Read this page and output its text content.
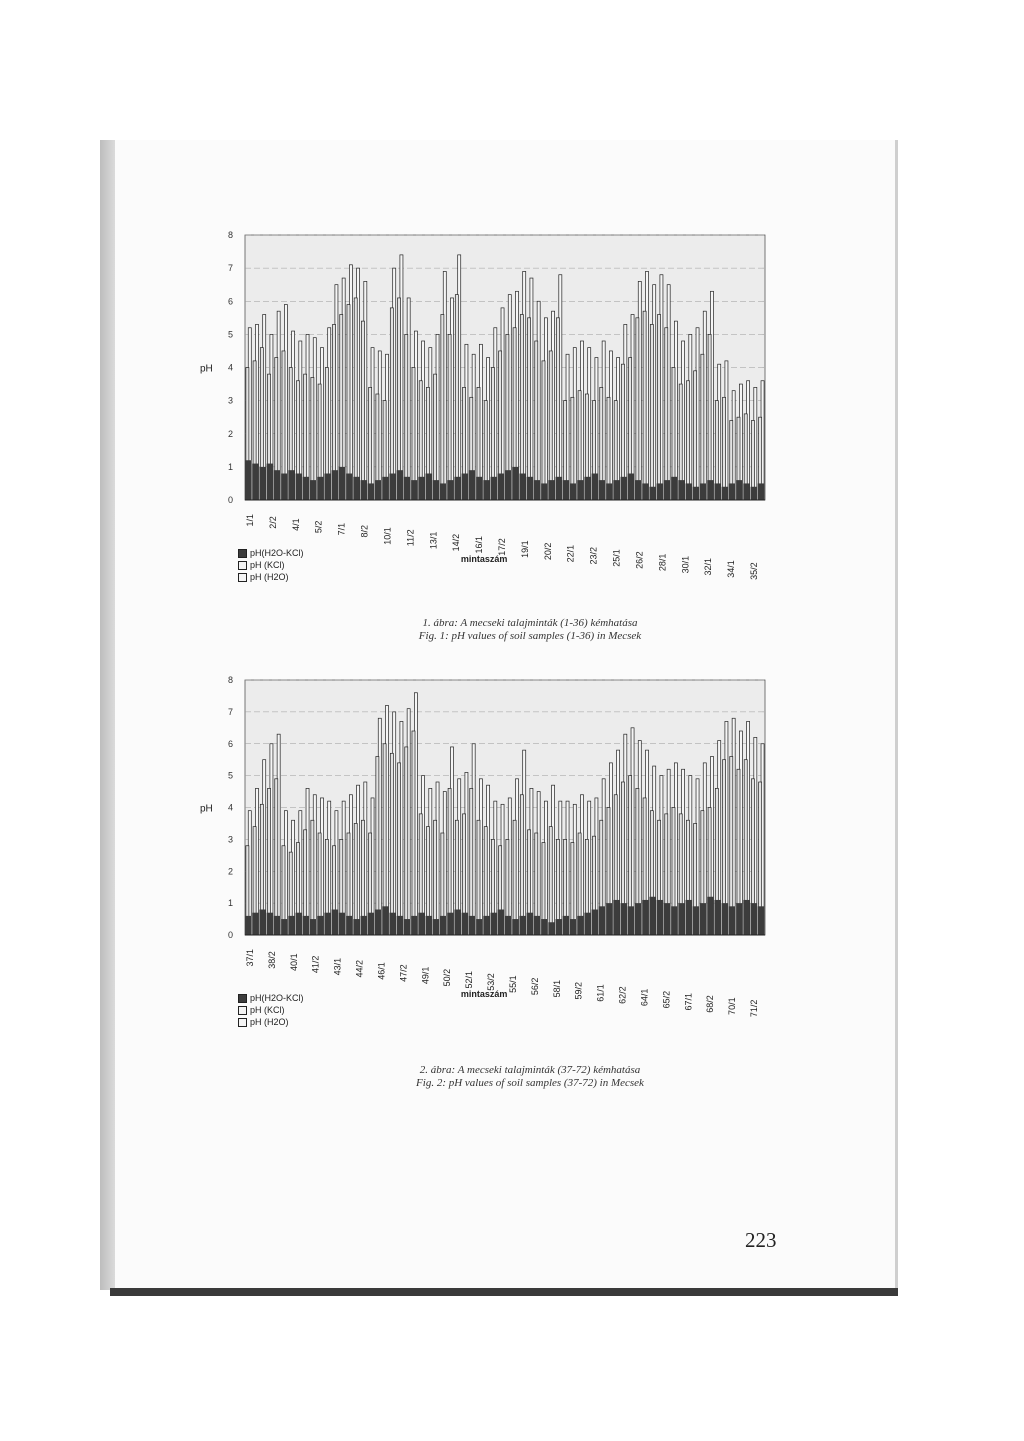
0
1
2
3
4
5
6
7
8
pH
1/1 2/2 4/1 5/2 7/1 8/2 10/1 11/2 13/1 14/2 16/1 17/2 19/1 20/2 22/1 23/2 25/1 26/2 28/1 30/1 32/1 34/1 35/2
mintaszám
pH(H2O-KCl)
pH (KCl)
pH (H2O)
1. ábra: A mecseki talajminták (1-36) kémhatása
Fig. 1: pH values of soil samples (1-36) in Mecsek
0
1
2
3
4
5
6
7
8
pH
37/1 38/2 40/1 41/2 43/1 44/2 46/1 47/2 49/1 50/2 52/1 53/2 55/1 56/2 58/1 59/2 61/1 62/2 64/1 65/2 67/1 68/2 70/1 71/2
mintaszám
pH(H2O-KCl)
pH (KCl)
pH (H2O)
2. ábra: A mecseki talajminták (37-72) kémhatása
Fig. 2: pH values of soil samples (37-72) in Mecsek
223
